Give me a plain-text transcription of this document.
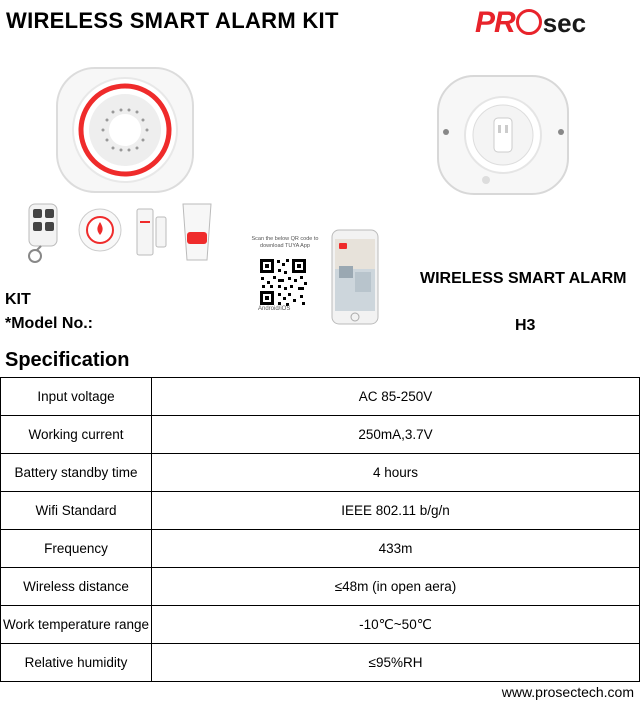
WIRELESS SMART ALARM KIT	PR sec
Scan the below QR code to download TUYA App
Android/iOS
WIRELESS SMART ALARM
KIT
*Model No.:	H3
Specification
Input voltage	AC 85-250V
Working current	250mA,3.7V
Battery standby time	4 hours
Wifi Standard	IEEE 802.11 b/g/n
Frequency	433m
Wireless distance	≤48m (in open aera)
Work temperature range	-10℃~50℃
Relative humidity	≤95%RH
www.prosectech.com
